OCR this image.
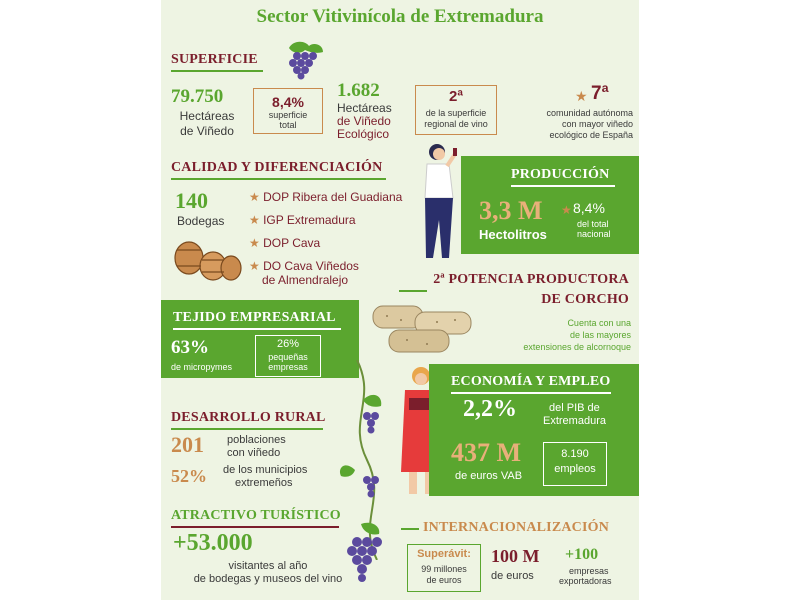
Sector Vitivinícola de Extremadura
SUPERFICIE
79.750
Hectáreas
de Viñedo
8,4%
superficie
total
1.682
Hectáreas
de Viñedo
Ecológico
2ª
de la superficie
regional de vino
★ 7ª
comunidad autónoma
con mayor viñedo
ecológico de España
CALIDAD Y DIFERENCIACIÓN
140
Bodegas
★ DOP Ribera del Guadiana
★ IGP Extremadura
★ DOP Cava
★ DO Cava Viñedos
de Almendralejo
PRODUCCIÓN
3,3 M
Hectolitros
★ 8,4%
del total
nacional
2ª POTENCIA PRODUCTORA
DE CORCHO
Cuenta con una
de las mayores
extensiones de alcornoque
TEJIDO EMPRESARIAL
63%
de micropymes
26%
pequeñas
empresas
ECONOMÍA Y EMPLEO
2,2%	del PIB de
Extremadura
437 M
de euros VAB
8.190
empleos
DESARROLLO RURAL
201 poblaciones
con viñedo
52% de los municipios
extremeños
ATRACTIVO TURÍSTICO
+53.000
visitantes al año
de bodegas y museos del vino
INTERNACIONALIZACIÓN
Superávit:
99 millones
de euros
100 M
de euros
+100
empresas
exportadoras
